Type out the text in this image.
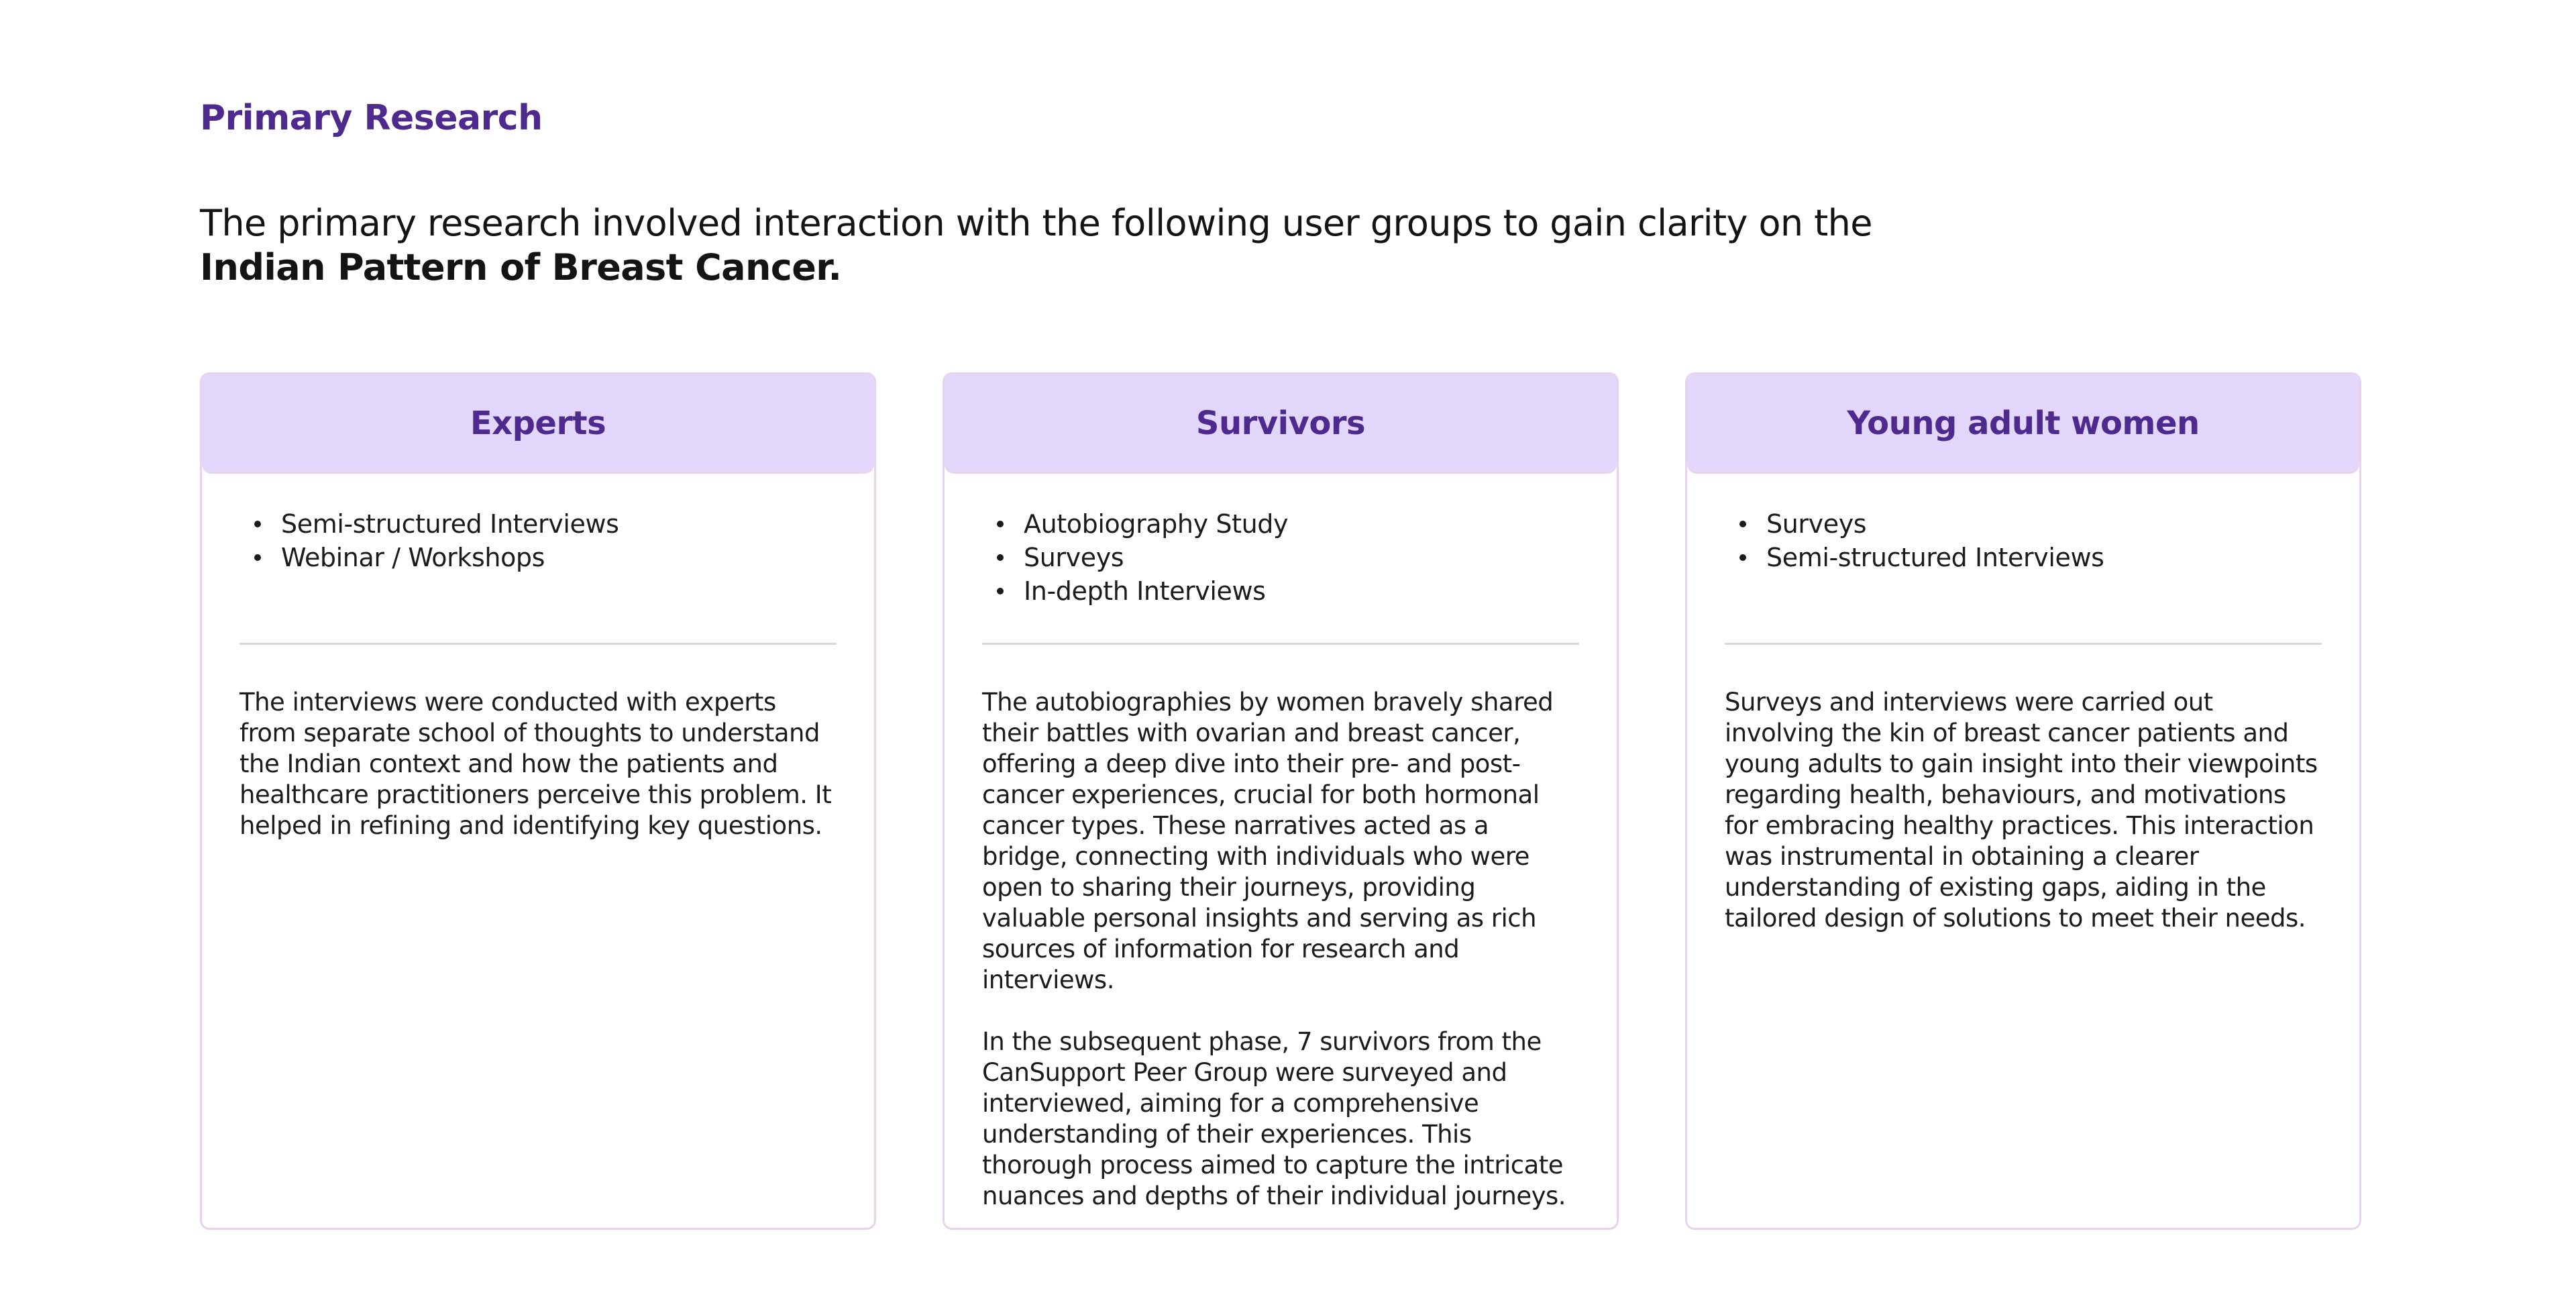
Primary Research
The primary research involved interaction with the following user groups to gain clarity on the
Indian Pattern of Breast Cancer.
Experts
Semi-structured Interviews
Webinar / Workshops

The interviews were conducted with experts from separate school of thoughts to understand the Indian context and how the patients and healthcare practitioners perceive this problem. It helped in refining and identifying key questions.

Survivors
Autobiography Study
Surveys
In-depth Interviews

The autobiographies by women bravely shared their battles with ovarian and breast cancer, offering a deep dive into their pre- and post-cancer experiences, crucial for both hormonal cancer types. These narratives acted as a bridge, connecting with individuals who were open to sharing their journeys, providing valuable personal insights and serving as rich sources of information for research and interviews.

In the subsequent phase, 7 survivors from the CanSupport Peer Group were surveyed and interviewed, aiming for a comprehensive understanding of their experiences. This thorough process aimed to capture the intricate nuances and depths of their individual journeys.

Young adult women
Surveys
Semi-structured Interviews

Surveys and interviews were carried out involving the kin of breast cancer patients and young adults to gain insight into their viewpoints regarding health, behaviours, and motivations for embracing healthy practices. This interaction was instrumental in obtaining a clearer understanding of existing gaps, aiding in the tailored design of solutions to meet their needs.
